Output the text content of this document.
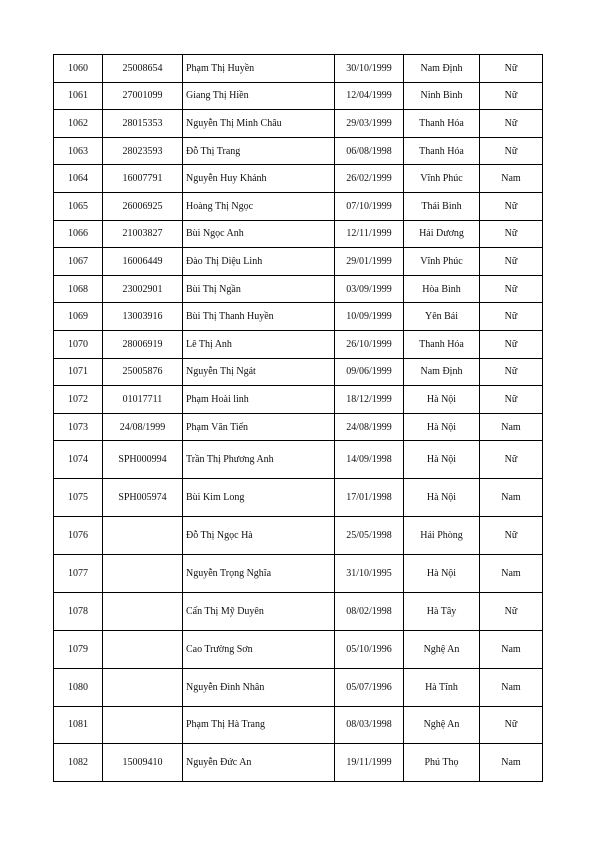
1060	25008654	Phạm Thị Huyền	30/10/1999	Nam Định	Nữ
1061	27001099	Giang Thị Hiền	12/04/1999	Ninh Bình	Nữ
1062	28015353	Nguyễn Thị Minh Châu	29/03/1999	Thanh Hóa	Nữ
1063	28023593	Đỗ Thị Trang	06/08/1998	Thanh Hóa	Nữ
1064	16007791	Nguyễn Huy Khánh	26/02/1999	Vĩnh Phúc	Nam
1065	26006925	Hoàng Thị Ngọc	07/10/1999	Thái Bình	Nữ
1066	21003827	Bùi Ngọc Anh	12/11/1999	Hải Dương	Nữ
1067	16006449	Đào Thị Diệu Linh	29/01/1999	Vĩnh Phúc	Nữ
1068	23002901	Bùi Thị Ngần	03/09/1999	Hòa Bình	Nữ
1069	13003916	Bùi Thị Thanh Huyền	10/09/1999	Yên Bái	Nữ
1070	28006919	Lê Thị Anh	26/10/1999	Thanh Hóa	Nữ
1071	25005876	Nguyễn Thị Ngát	09/06/1999	Nam Định	Nữ
1072	01017711	Phạm Hoài linh	18/12/1999	Hà Nội	Nữ
1073	24/08/1999	Phạm Văn Tiến	24/08/1999	Hà Nội	Nam
1074	SPH000994	Trần Thị Phương Anh	14/09/1998	Hà Nội	Nữ
1075	SPH005974	Bùi Kim Long	17/01/1998	Hà Nội	Nam
1076		Đỗ Thị Ngọc Hà	25/05/1998	Hải Phòng	Nữ
1077		Nguyễn Trọng Nghĩa	31/10/1995	Hà Nội	Nam
1078		Cấn Thị Mỹ Duyên	08/02/1998	Hà Tây	Nữ
1079		Cao Trường Sơn	05/10/1996	Nghệ An	Nam
1080		Nguyễn Đình Nhân	05/07/1996	Hà Tĩnh	Nam
1081		Phạm Thị Hà Trang	08/03/1998	Nghệ An	Nữ
1082	15009410	Nguyễn Đức An	19/11/1999	Phú Thọ	Nam
